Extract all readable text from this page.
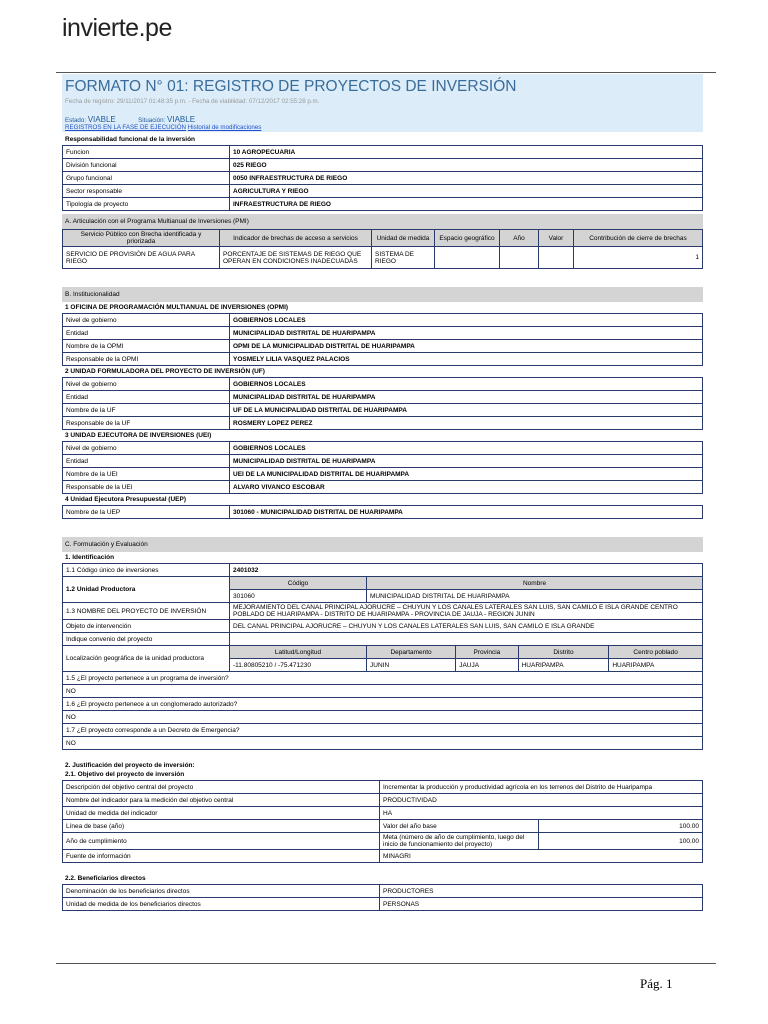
invierte.pe
FORMATO N° 01: REGISTRO DE PROYECTOS DE INVERSIÓN
Fecha de registro: 29/11/2017 01:48:35 p.m. - Fecha de viabilidad: 07/12/2017 02:55:28 p.m.
Estado: VIABLE	Situación: VIABLE
REGISTROS EN LA FASE DE EJECUCIÓN Historial de modificaciones
Responsabilidad funcional de la inversión
Funcion	10 AGROPECUARIA
División funcional	025 RIEGO
Grupo funcional	0050 INFRAESTRUCTURA DE RIEGO
Sector responsable	AGRICULTURA Y RIEGO
Tipología de proyecto	INFRAESTRUCTURA DE RIEGO
A. Articulación con el Programa Multianual de Inversiones (PMI)
Servicio Público con Brecha identificada y priorizada	Indicador de brechas de acceso a servicios	Unidad de medida	Espacio geográfico	Año	Valor	Contribución de cierre de brechas
SERVICIO DE PROVISIÓN DE AGUA PARA RIEGO	PORCENTAJE DE SISTEMAS DE RIEGO QUE OPERAN EN CONDICIONES INADECUADAS	SISTEMA DE RIEGO				1
B. Institucionalidad
1 OFICINA DE PROGRAMACIÓN MULTIANUAL DE INVERSIONES (OPMI)
Nivel de gobierno	GOBIERNOS LOCALES
Entidad	MUNICIPALIDAD DISTRITAL DE HUARIPAMPA
Nombre de la OPMI	OPMI DE LA MUNICIPALIDAD DISTRITAL DE HUARIPAMPA
Responsable de la OPMI	YOSMELY LILIA VASQUEZ PALACIOS
2 UNIDAD FORMULADORA DEL PROYECTO DE INVERSIÓN (UF)
Nivel de gobierno	GOBIERNOS LOCALES
Entidad	MUNICIPALIDAD DISTRITAL DE HUARIPAMPA
Nombre de la UF	UF DE LA MUNICIPALIDAD DISTRITAL DE HUARIPAMPA
Responsable de la UF	ROSMERY LOPEZ PEREZ
3 UNIDAD EJECUTORA DE INVERSIONES (UEI)
Nivel de gobierno	GOBIERNOS LOCALES
Entidad	MUNICIPALIDAD DISTRITAL DE HUARIPAMPA
Nombre de la UEI	UEI DE LA MUNICIPALIDAD DISTRITAL DE HUARIPAMPA
Responsable de la UEI	ALVARO VIVANCO ESCOBAR
4 Unidad Ejecutora Presupuestal (UEP)
Nombre de la UEP	301060 - MUNICIPALIDAD DISTRITAL DE HUARIPAMPA
C. Formulación y Evaluación
1. Identificación
1.1 Código único de inversiones	2401032				
1.2 Unidad Productora	Código	Nombre			
	301060	MUNICIPALIDAD DISTRITAL DE HUARIPAMPA			
1.3 NOMBRE DEL PROYECTO DE INVERSIÓN	MEJORAMIENTO DEL CANAL PRINCIPAL AJORUCRE – CHUYUN Y LOS CANALES LATERALES SAN LUIS, SAN CAMILO E ISLA GRANDE CENTRO POBLADO DE HUARIPAMPA - DISTRITO DE HUARIPAMPA - PROVINCIA DE JAUJA - REGION JUNIN				
Objeto de intervención	DEL CANAL PRINCIPAL AJORUCRE – CHUYUN Y LOS CANALES LATERALES SAN LUIS, SAN CAMILO E ISLA GRANDE				
Indique convenio del proyecto					
Localización geográfica de la unidad productora	Latitud/Longitud	Departamento	Provincia	Distrito	Centro poblado
	-11.80805210 / -75.471230	JUNIN	JAUJA	HUARIPAMPA	HUARIPAMPA
1.5 ¿El proyecto pertenece a un programa de inversión?					
NO					
1.6 ¿El proyecto pertenece a un conglomerado autorizado?					
NO					
1.7 ¿El proyecto corresponde a un Decreto de Emergencia?					
NO					
2. Justificación del proyecto de inversión:
2.1. Objetivo del proyecto de inversión
Descripción del objetivo central del proyecto	Incrementar la producción y productividad agrícola en los terrenos del Distrito de Huaripampa	
Nombre del indicador para la medición del objetivo central	PRODUCTIVIDAD	
Unidad de medida del indicador	HA	
Línea de base (año)	Valor del año base	100.00
Año de cumplimiento	Meta (número de año de cumplimiento, luego del inicio de funcionamiento del proyecto)	100.00
Fuente de información	MINAGRI	
2.2. Beneficiarios directos
Denominación de los beneficiarios directos	PRODUCTORES
Unidad de medida de los beneficiarios directos	PERSONAS
Pág. 1
